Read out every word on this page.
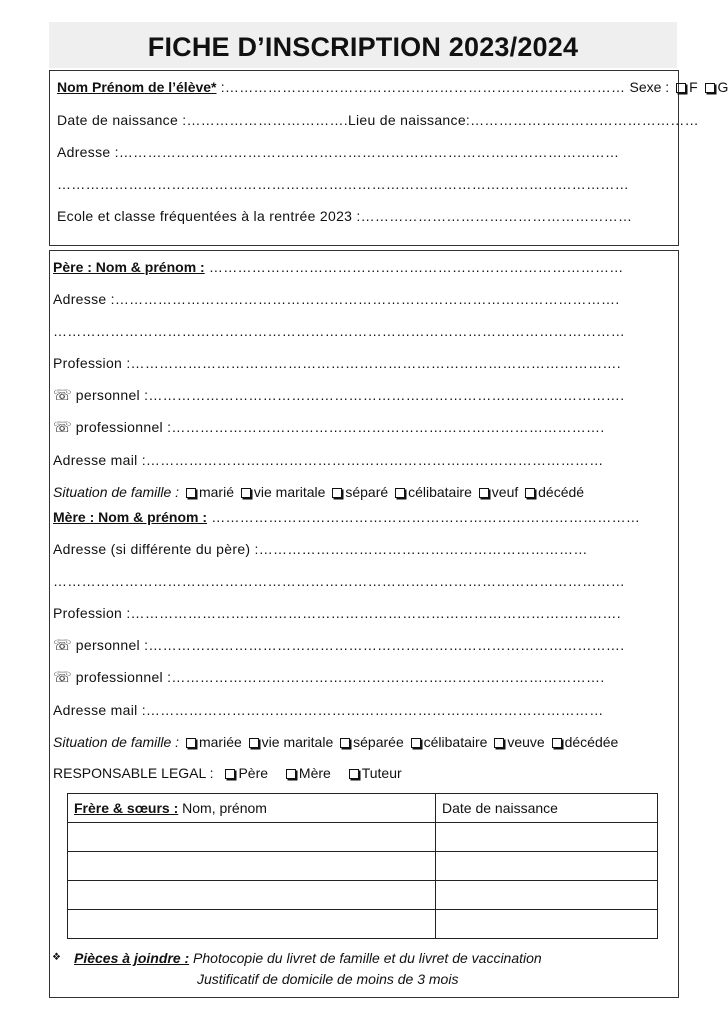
FICHE D’INSCRIPTION 2023/2024
Nom Prénom de l’élève* :………………………………………………………………………… Sexe : F G
Date de naissance :…………………………….Lieu de naissance:…………………………………………
Adresse :……………………………………………………………………………………………
…………………………………………………………………………………………………………
Ecole et classe fréquentées à la rentrée 2023 :…………………………………………………
Père : Nom & prénom : ……………………………………………………………………………
Adresse :…………………………………………………………………………………………….
…………………………………………………………………………………………………………
Profession :………………………………………………………………………………………….
☏ personnel :……………………………………………………………………………………….
☏ professionnel :……………………………………………………………………………….
Adresse mail :……………………………………………………………………………………
Situation de famille : marié vie maritale séparé célibataire veuf décédé
Mère : Nom & prénom : ………………………………………………………………………………
Adresse (si différente du père) :……………………………………………………………
…………………………………………………………………………………………………………
Profession :………………………………………………………………………………………….
☏ personnel :……………………………………………………………………………………….
☏ professionnel :……………………………………………………………………………….
Adresse mail :……………………………………………………………………………………
Situation de famille : mariée vie maritale séparée célibataire veuve décédée
RESPONSABLE LEGAL : Père Mère Tuteur
Frère & sœurs : Nom, prénom	Date de naissance

❖ Pièces à joindre : Photocopie du livret de famille et du livret de vaccination
Justificatif de domicile de moins de 3 mois
